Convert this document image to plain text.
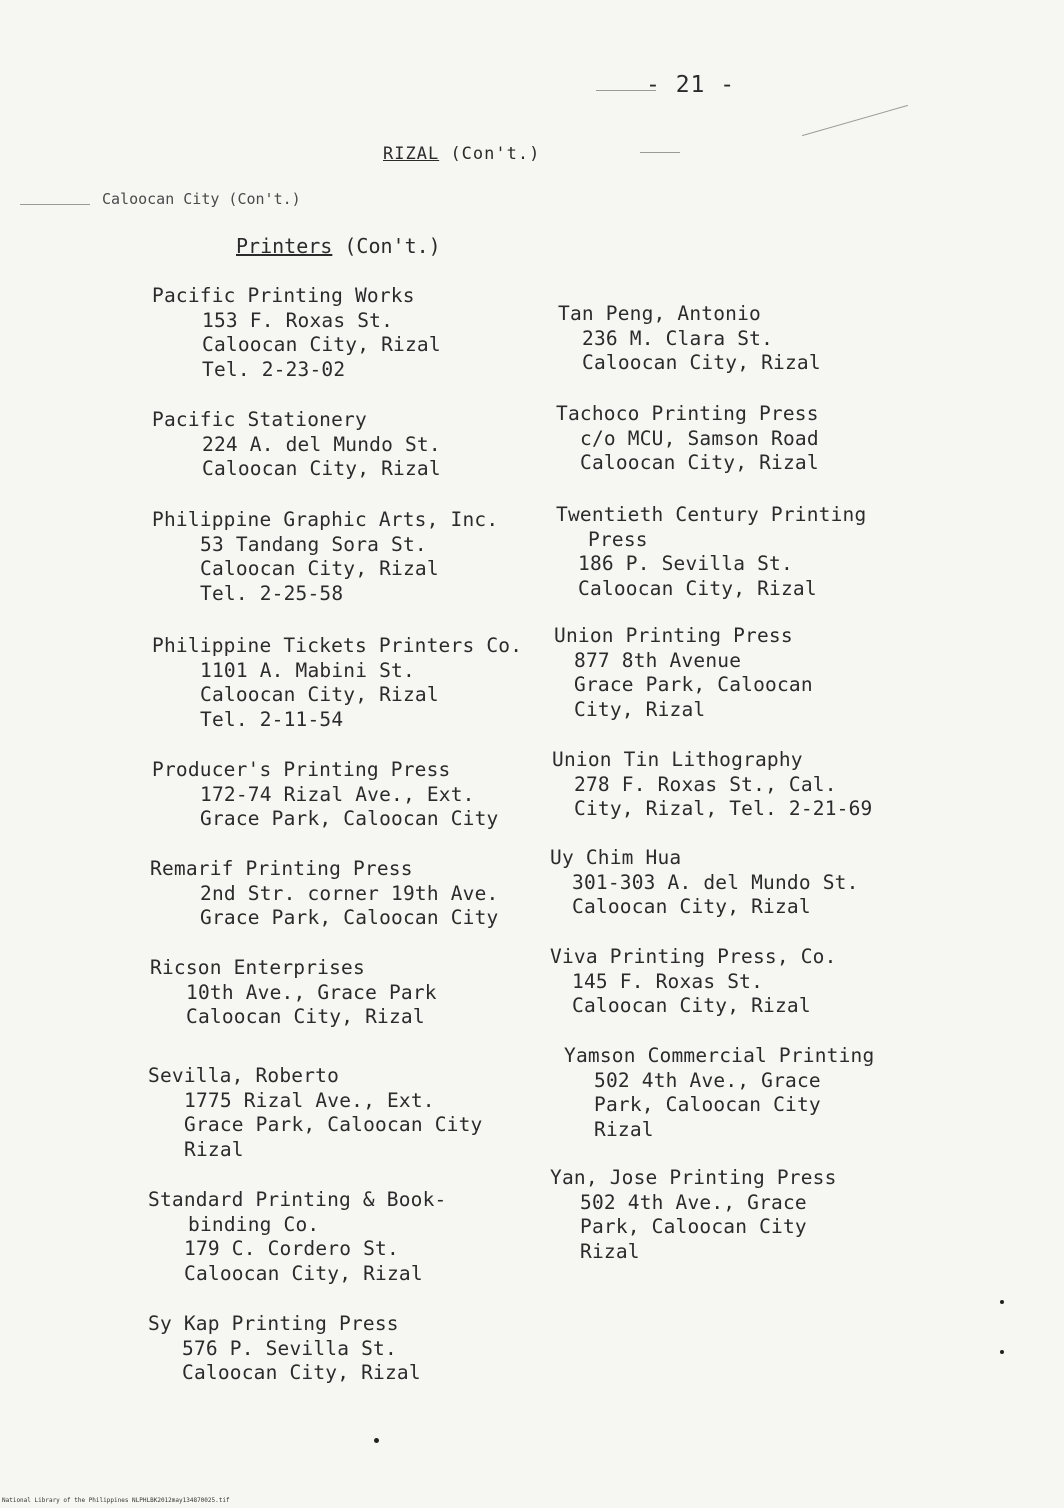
- 21 -
RIZAL (Con't.)
Caloocan City (Con't.)
Printers (Con't.)
Pacific Printing Works
153 F. Roxas St.
Caloocan City, Rizal
Tel. 2-23-02
Pacific Stationery
224 A. del Mundo St.
Caloocan City, Rizal
Philippine Graphic Arts, Inc.
53 Tandang Sora St.
Caloocan City, Rizal
Tel. 2-25-58
Philippine Tickets Printers Co.
1101 A. Mabini St.
Caloocan City, Rizal
Tel. 2-11-54
Producer's Printing Press
172-74 Rizal Ave., Ext.
Grace Park, Caloocan City
Remarif Printing Press
2nd Str. corner 19th Ave.
Grace Park, Caloocan City
Ricson Enterprises
10th Ave., Grace Park
Caloocan City, Rizal
Sevilla, Roberto
1775 Rizal Ave., Ext.
Grace Park, Caloocan City
Rizal
Standard Printing & Book-
binding Co.
179 C. Cordero St.
Caloocan City, Rizal
Sy Kap Printing Press
576 P. Sevilla St.
Caloocan City, Rizal
Tan Peng, Antonio
236 M. Clara St.
Caloocan City, Rizal
Tachoco Printing Press
c/o MCU, Samson Road
Caloocan City, Rizal
Twentieth Century Printing
Press
186 P. Sevilla St.
Caloocan City, Rizal
Union Printing Press
877 8th Avenue
Grace Park, Caloocan
City, Rizal
Union Tin Lithography
278 F. Roxas St., Cal.
City, Rizal, Tel. 2-21-69
Uy Chim Hua
301-303 A. del Mundo St.
Caloocan City, Rizal
Viva Printing Press, Co.
145 F. Roxas St.
Caloocan City, Rizal
Yamson Commercial Printing
502 4th Ave., Grace
Park, Caloocan City
Rizal
Yan, Jose Printing Press
502 4th Ave., Grace
Park, Caloocan City
Rizal
National Library of the Philippines NLPHLBK2012may134870025.tif
